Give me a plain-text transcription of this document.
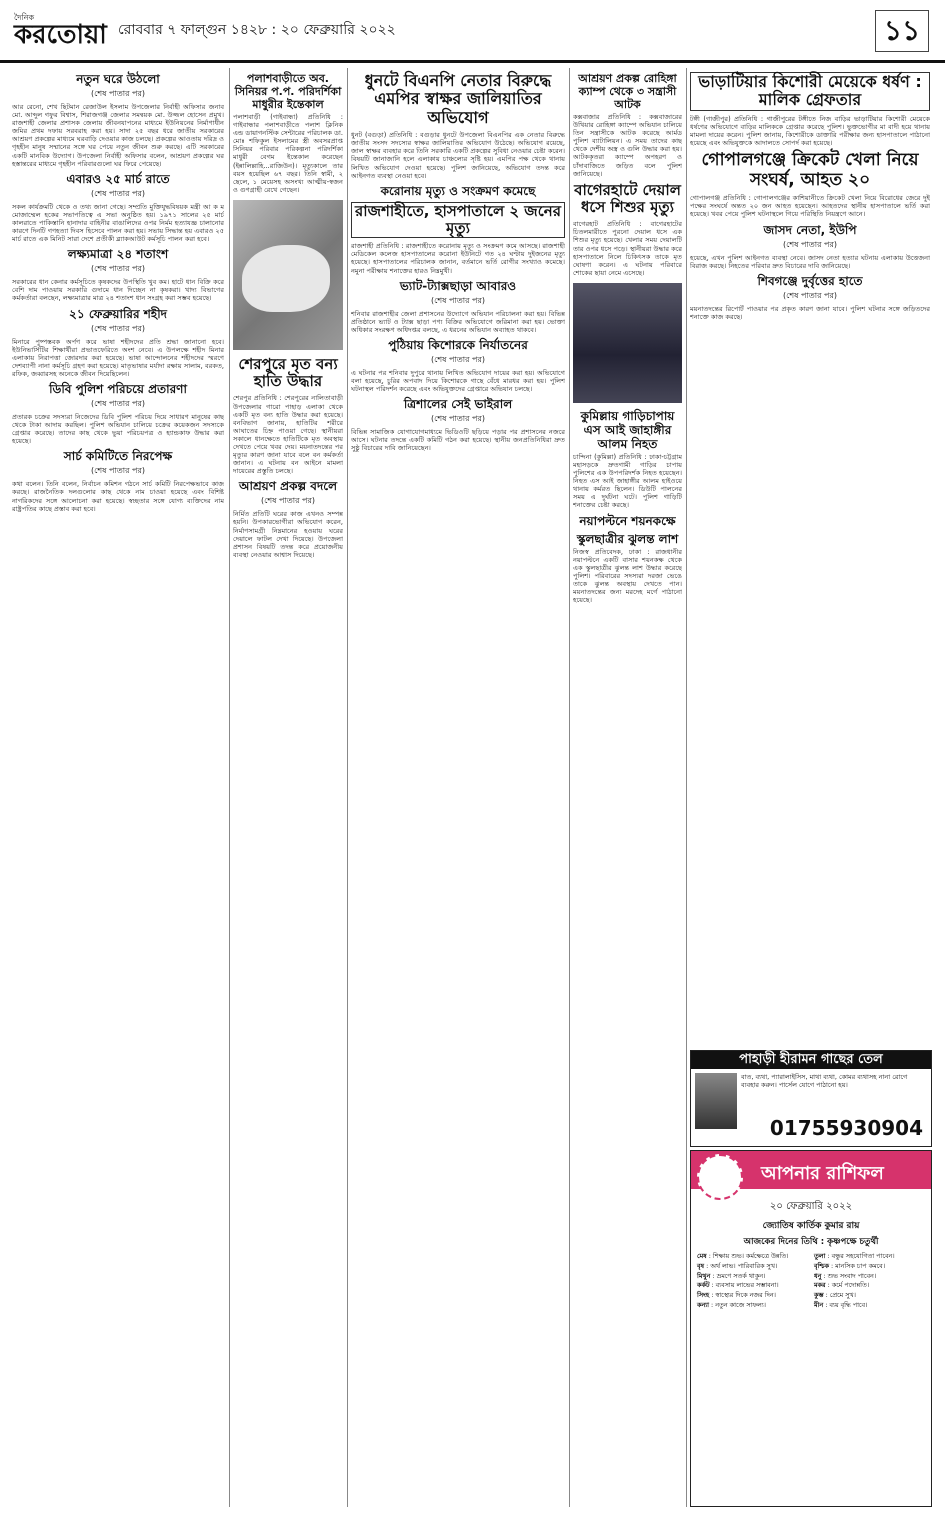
দৈনিক
করতোয়া রোববার ৭ ফাল্গুন ১৪২৮ : ২০ ফেব্রুয়ারি ২০২২	১১
নতুন ঘরে উঠলো
(শেষ পাতার পর)

আর রেনো, শেখ ছিটমান রেজাউল ইসলাম উপজেলার নির্বাহী অফিসার জনাব মো. আব্দুল গফুর বিশ্বাস, শিরাজগঞ্জ জেলার সমন্বয়ক মো. উজ্জল হোসেন প্রমুখ। রাজশাহী জেলার প্রশাসক জেলায় জীবনযাপনের মাধ্যমে ইউনিয়নের নির্মাণাধীন জমির প্রথম দফায় সরবরাহ করা হয়। সাদা ২৫ বছর ধরে জাতীয় সরকারের আশ্রয়ণ প্রকল্পের মাধ্যমে ঘরবাড়ি দেওয়ার কাজ চলছে। প্রকল্পের আওতায় দরিদ্র ও গৃহহীন মানুষ সম্মানের সঙ্গে ঘর পেয়ে নতুন জীবন শুরু করছে। এটি সরকারের একটি মানবিক উদ্যোগ। উপজেলা নির্বাহী অফিসার বলেন, আশ্রয়ণ প্রকল্পের ঘর হস্তান্তরের মাধ্যমে গৃহহীন পরিবারগুলো ঘর ফিরে পেয়েছে।

এবারও ২৫ মার্চ রাতে
(শেষ পাতার পর)

সকল কার্যক্রমটি থেকে ও তথ্য জানা গেছে। সম্প্রতি মুক্তিযুদ্ধবিষয়ক মন্ত্রী আ ক ম মোজাম্মেল হকের সভাপতিত্বে এ সভা অনুষ্ঠিত হয়। ১৯৭১ সালের ২৫ মার্চ কালরাতে পাকিস্তানি হানাদার বাহিনীর বাঙালিদের ওপর নির্মম হত্যাযজ্ঞ চালানোর কারণে দিনটি গণহত্যা দিবস হিসেবে পালন করা হয়। সভায় সিদ্ধান্ত হয় এবারও ২৫ মার্চ রাতে এক মিনিট সারা দেশে প্রতীকী ব্ল্যাকআউট কর্মসূচি পালন করা হবে।

লক্ষ্যমাত্রা ২৪ শতাংশ
(শেষ পাতার পর)

সরকারের ধান কেনার কর্মসূচিতে কৃষকদের উপস্থিতি খুব কম। হাটে ধান বিক্রি করে বেশি দাম পাওয়ায় সরকারি গুদামে ধান দিচ্ছেন না কৃষকরা। খাদ্য বিভাগের কর্মকর্তারা বলছেন, লক্ষ্যমাত্রার মাত্র ২৪ শতাংশ ধান সংগ্রহ করা সম্ভব হয়েছে।

২১ ফেব্রুয়ারির শহীদ
(শেষ পাতার পর)

মিনারে পুষ্পস্তবক অর্পণ করে ভাষা শহীদদের প্রতি শ্রদ্ধা জানানো হবে। ইউনিভার্সিটির শিক্ষার্থীরা প্রভাতফেরিতে অংশ নেবে। এ উপলক্ষে শহীদ মিনার এলাকায় নিরাপত্তা জোরদার করা হয়েছে। ভাষা আন্দোলনের শহীদদের স্মরণে দেশব্যাপী নানা কর্মসূচি গ্রহণ করা হয়েছে। মাতৃভাষার মর্যাদা রক্ষায় সালাম, বরকত, রফিক, জব্বারসহ অনেকে জীবন দিয়েছিলেন।

ডিবি পুলিশ পরিচয়ে প্রতারণা
(শেষ পাতার পর)

প্রতারক চক্রের সদস্যরা নিজেদের ডিবি পুলিশ পরিচয় দিয়ে সাধারণ মানুষের কাছ থেকে টাকা আদায় করছিল। পুলিশ অভিযান চালিয়ে চক্রের কয়েকজন সদস্যকে গ্রেপ্তার করেছে। তাদের কাছ থেকে ভুয়া পরিচয়পত্র ও হ্যান্ডকাফ উদ্ধার করা হয়েছে।

সার্চ কমিটিতে নিরপেক্ষ
(শেষ পাতার পর)

কথা বলেন। তিনি বলেন, নির্বাচন কমিশন গঠনে সার্চ কমিটি নিরপেক্ষভাবে কাজ করছে। রাজনৈতিক দলগুলোর কাছ থেকে নাম চাওয়া হয়েছে এবং বিশিষ্ট নাগরিকদের সঙ্গে আলোচনা করা হয়েছে। স্বচ্ছতার সঙ্গে যোগ্য ব্যক্তিদের নাম রাষ্ট্রপতির কাছে প্রস্তাব করা হবে।

পলাশবাড়ীতে অব. সিনিয়র প.প. পরিদর্শিকা মাধুরীর ইন্তেকাল

পলাশবাড়ী (গাইবান্ধা) প্রতিনিধি : গাইবান্ধার পলাশবাড়ীতে পলাশ ক্লিনিক এন্ড ডায়াগনস্টিক সেন্টারের পরিচালক ডা. মোঃ শফিকুল ইসলামের স্ত্রী অবসরপ্রাপ্ত সিনিয়র পরিবার পরিকল্পনা পরিদর্শিকা মাধুরী বেগম ইন্তেকাল করেছেন (ইন্নালিল্লাহি...রাজিউন)। মৃত্যুকালে তার বয়স হয়েছিল ৬৭ বছর। তিনি স্বামী, ২ ছেলে, ১ মেয়েসহ অসংখ্য আত্মীয়-স্বজন ও গুণগ্রাহী রেখে গেছেন।

শেরপুরে মৃত বন্য হাতি উদ্ধার

শেরপুর প্রতিনিধি : শেরপুরের নালিতাবাড়ী উপজেলার গারো পাহাড় এলাকা থেকে একটি মৃত বন্য হাতি উদ্ধার করা হয়েছে। বনবিভাগ জানায়, হাতিটির শরীরে আঘাতের চিহ্ন পাওয়া গেছে। স্থানীয়রা সকালে ধানক্ষেতে হাতিটিকে মৃত অবস্থায় দেখতে পেয়ে খবর দেয়। ময়নাতদন্তের পর মৃত্যুর কারণ জানা যাবে বলে বন কর্মকর্তা জানান। এ ঘটনায় বন আইনে মামলা দায়েরের প্রস্তুতি চলছে।

আশ্রয়ণ প্রকল্প বদলে
(শেষ পাতার পর)

নির্মিত প্রতিটি ঘরের কাজ এখনও সম্পন্ন হয়নি। উপকারভোগীরা অভিযোগ করেন, নির্মাণসামগ্রী নিম্নমানের হওয়ায় ঘরের দেয়ালে ফাটল দেখা দিয়েছে। উপজেলা প্রশাসন বিষয়টি তদন্ত করে প্রয়োজনীয় ব্যবস্থা নেওয়ার আশ্বাস দিয়েছে।

ধুনটে বিএনপি নেতার বিরুদ্ধে এমপির স্বাক্ষর জালিয়াতির অভিযোগ

ধুনট (বগুড়া) প্রতিনিধি : বগুড়ার ধুনটে উপজেলা বিএনপির এক নেতার বিরুদ্ধে জাতীয় সংসদ সদস্যের স্বাক্ষর জালিয়াতির অভিযোগ উঠেছে। অভিযোগ রয়েছে, জাল স্বাক্ষর ব্যবহার করে তিনি সরকারি একটি প্রকল্পের সুবিধা নেওয়ার চেষ্টা করেন। বিষয়টি জানাজানি হলে এলাকায় চাঞ্চল্যের সৃষ্টি হয়। এমপির পক্ষ থেকে থানায় লিখিত অভিযোগ দেওয়া হয়েছে। পুলিশ জানিয়েছে, অভিযোগ তদন্ত করে আইনগত ব্যবস্থা নেওয়া হবে।

করোনায় মৃত্যু ও সংক্রমণ কমেছে
রাজশাহীতে, হাসপাতালে ২ জনের মৃত্যু

রাজশাহী প্রতিনিধি : রাজশাহীতে করোনায় মৃত্যু ও সংক্রমণ কমে আসছে। রাজশাহী মেডিকেল কলেজ হাসপাতালের করোনা ইউনিটে গত ২৪ ঘণ্টায় দুইজনের মৃত্যু হয়েছে। হাসপাতালের পরিচালক জানান, বর্তমানে ভর্তি রোগীর সংখ্যাও কমেছে। নমুনা পরীক্ষায় শনাক্তের হারও নিম্নমুখী।

ভ্যাট-ট্যাক্সছাড়া আবারও
(শেষ পাতার পর)

শনিবার রাজশাহীর জেলা প্রশাসনের উদ্যোগে অভিযান পরিচালনা করা হয়। বিভিন্ন প্রতিষ্ঠানে ভ্যাট ও ট্যাক্স ছাড়া পণ্য বিক্রির অভিযোগে জরিমানা করা হয়। ভোক্তা অধিকার সংরক্ষণ অধিদপ্তর বলছে, এ ধরনের অভিযান অব্যাহত থাকবে।

পুঠিয়ায় কিশোরকে নির্যাতনের
(শেষ পাতার পর)

এ ঘটনার পর শনিবার দুপুরে থানায় লিখিত অভিযোগ দায়ের করা হয়। অভিযোগে বলা হয়েছে, চুরির অপবাদ দিয়ে কিশোরকে গাছে বেঁধে মারধর করা হয়। পুলিশ ঘটনাস্থল পরিদর্শন করেছে এবং অভিযুক্তদের গ্রেপ্তারে অভিযান চলছে।

ত্রিশালের সেই ভাইরাল
(শেষ পাতার পর)

বিভিন্ন সামাজিক যোগাযোগমাধ্যমে ভিডিওটি ছড়িয়ে পড়ার পর প্রশাসনের নজরে আসে। ঘটনার তদন্তে একটি কমিটি গঠন করা হয়েছে। স্থানীয় জনপ্রতিনিধিরা দ্রুত সুষ্ঠু বিচারের দাবি জানিয়েছেন।

আশ্রয়ণ প্রকল্প রোহিঙ্গা ক্যাম্প থেকে ৩ সন্ত্রাসী আটক

কক্সবাজার প্রতিনিধি : কক্সবাজারের উখিয়ার রোহিঙ্গা ক্যাম্পে অভিযান চালিয়ে তিন সন্ত্রাসীকে আটক করেছে আর্মড পুলিশ ব্যাটালিয়ন। এ সময় তাদের কাছ থেকে দেশীয় অস্ত্র ও গুলি উদ্ধার করা হয়। আটককৃতরা ক্যাম্পে অপহরণ ও চাঁদাবাজিতে জড়িত বলে পুলিশ জানিয়েছে।

বাগেরহাটে দেয়াল ধসে শিশুর মৃত্যু

বাগেরহাট প্রতিনিধি : বাগেরহাটের চিতলমারীতে পুরনো দেয়াল ধসে এক শিশুর মৃত্যু হয়েছে। খেলার সময় দেয়ালটি তার ওপর ধসে পড়ে। স্থানীয়রা উদ্ধার করে হাসপাতালে নিলে চিকিৎসক তাকে মৃত ঘোষণা করেন। এ ঘটনায় পরিবারে শোকের ছায়া নেমে এসেছে।

কুমিল্লায় গাড়িচাপায় এস আই জাহাঙ্গীর আলম নিহত

চান্দিনা (কুমিল্লা) প্রতিনিধি : ঢাকা-চট্টগ্রাম মহাসড়কে দ্রুতগামী গাড়ির চাপায় পুলিশের এক উপপরিদর্শক নিহত হয়েছেন। নিহত এস আই জাহাঙ্গীর আলম হাইওয়ে থানায় কর্মরত ছিলেন। ডিউটি পালনের সময় এ দুর্ঘটনা ঘটে। পুলিশ গাড়িটি শনাক্তের চেষ্টা করছে।

নয়াপল্টনে শয়নকক্ষে
স্কুলছাত্রীর ঝুলন্ত লাশ

নিজস্ব প্রতিবেদক, ঢাকা : রাজধানীর নয়াপল্টনে একটি বাসার শয়নকক্ষ থেকে এক স্কুলছাত্রীর ঝুলন্ত লাশ উদ্ধার করেছে পুলিশ। পরিবারের সদস্যরা দরজা ভেঙে তাকে ঝুলন্ত অবস্থায় দেখতে পান। ময়নাতদন্তের জন্য মরদেহ মর্গে পাঠানো হয়েছে।

ভাড়াটিয়ার কিশোরী মেয়েকে ধর্ষণ : মালিক গ্রেফতার

টঙ্গী (গাজীপুর) প্রতিনিধি : গাজীপুরের টঙ্গীতে নিজ বাড়ির ভাড়াটিয়ার কিশোরী মেয়েকে ধর্ষণের অভিযোগে বাড়ির মালিককে গ্রেপ্তার করেছে পুলিশ। ভুক্তভোগীর মা বাদী হয়ে থানায় মামলা দায়ের করেন। পুলিশ জানায়, কিশোরীকে ডাক্তারি পরীক্ষার জন্য হাসপাতালে পাঠানো হয়েছে এবং অভিযুক্তকে আদালতে সোপর্দ করা হয়েছে।

গোপালগঞ্জে ক্রিকেট খেলা নিয়ে সংঘর্ষ, আহত ২০

গোপালগঞ্জ প্রতিনিধি : গোপালগঞ্জের কাশিয়ানীতে ক্রিকেট খেলা নিয়ে বিরোধের জেরে দুই পক্ষের সংঘর্ষে অন্তত ২০ জন আহত হয়েছেন। আহতদের স্থানীয় হাসপাতালে ভর্তি করা হয়েছে। খবর পেয়ে পুলিশ ঘটনাস্থলে গিয়ে পরিস্থিতি নিয়ন্ত্রণে আনে।

জাসদ নেতা, ইউপি
(শেষ পাতার পর)

হয়েছে, এখন পুলিশ আইনগত ব্যবস্থা নেবে। জাসদ নেতা হত্যার ঘটনায় এলাকায় উত্তেজনা বিরাজ করছে। নিহতের পরিবার দ্রুত বিচারের দাবি জানিয়েছে।

শিবগঞ্জে দুর্বৃত্তের হাতে
(শেষ পাতার পর)

ময়নাতদন্তের রিপোর্ট পাওয়ার পর প্রকৃত কারণ জানা যাবে। পুলিশ ঘটনার সঙ্গে জড়িতদের শনাক্তে কাজ করছে।

পাহাড়ী হীরামন গাছের তেল
বাত, ব্যথা, প্যারালাইসিস, মাথা ব্যথা, কোমর ব্যথাসহ নানা রোগে ব্যবহার করুন। পার্সেল যোগে পাঠানো হয়।
01755930904
আপনার রাশিফল
২০ ফেব্রুয়ারি ২০২২
জ্যোতিষ কার্তিক কুমার রায়
আজকের দিনের তিথি : কৃষ্ণপক্ষে চতুর্থী
মেষ : শিক্ষায় শুভ। কর্মক্ষেত্রে উন্নতি।	তুলা : বন্ধুর সহযোগিতা পাবেন।
বৃষ : অর্থ লাভ। পারিবারিক সুখ।	বৃশ্চিক : মানসিক চাপ কমবে।
মিথুন : ভ্রমণে সতর্ক থাকুন।	ধনু : শুভ সংবাদ পাবেন।
কর্কট : ব্যবসায় লাভের সম্ভাবনা।	মকর : কর্মে পদোন্নতি।
সিংহ : স্বাস্থ্যের দিকে নজর দিন।	কুম্ভ : প্রেমে সুখ।
কন্যা : নতুন কাজে সাফল্য।	মীন : ব্যয় বৃদ্ধি পাবে।
